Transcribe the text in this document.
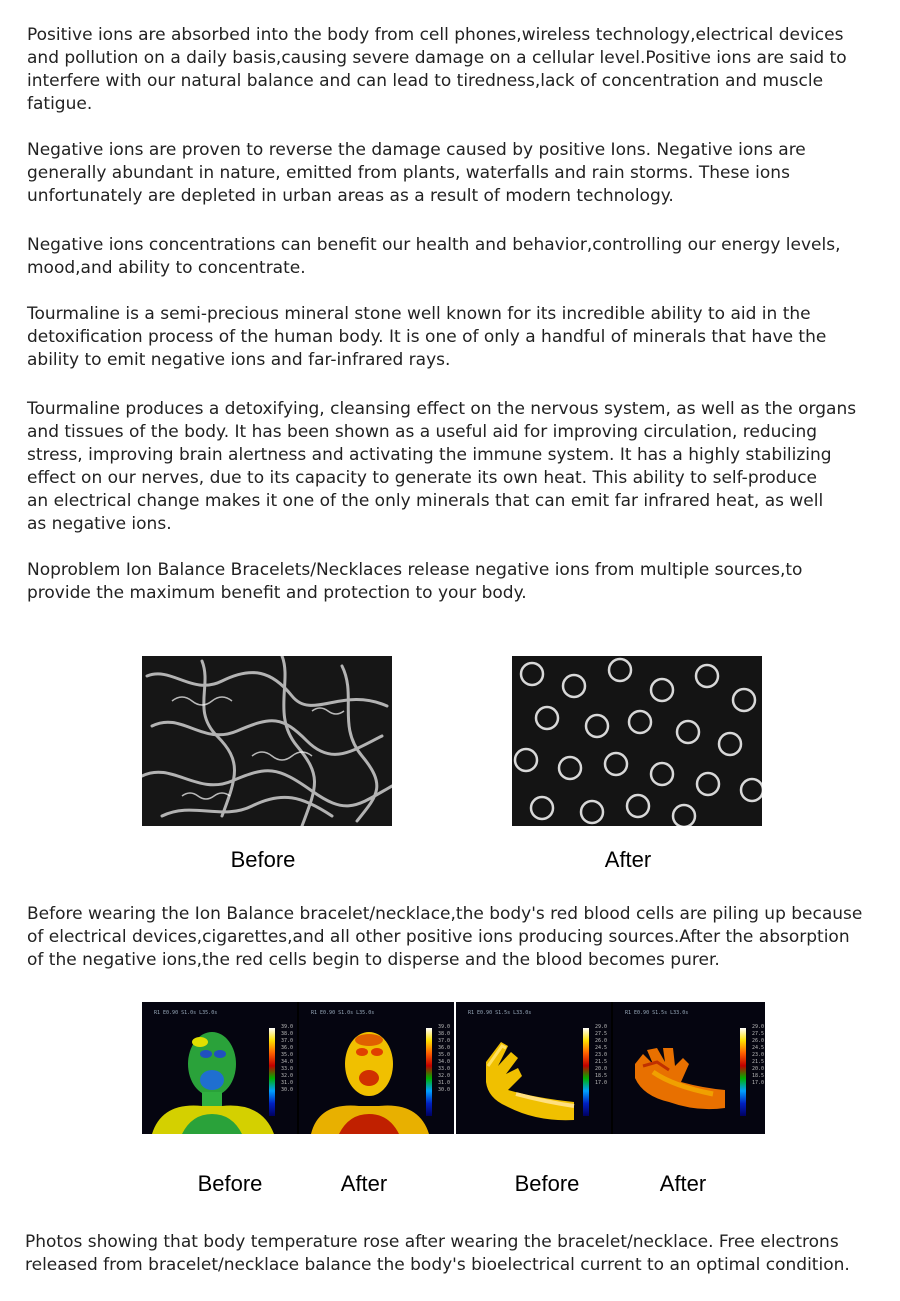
Positive ions are absorbed into the body from cell phones,wireless technology,electrical devices
and pollution on a daily basis,causing severe damage on a cellular level.Positive ions are said to
interfere with our natural balance and can lead to tiredness,lack of concentration and muscle
fatigue.

Negative ions are proven to reverse the damage caused by positive Ions. Negative ions are
generally abundant in nature, emitted from plants, waterfalls and rain storms. These ions
unfortunately are depleted in urban areas as a result of modern technology.

Negative ions concentrations can benefit our health and behavior,controlling our energy levels,
mood,and ability to concentrate.

Tourmaline is a semi-precious mineral stone well known for its incredible ability to aid in the
detoxification process of the human body. It is one of only a handful of minerals that have the
ability to emit negative ions and far-infrared rays.

Tourmaline produces a detoxifying, cleansing effect on the nervous system, as well as the organs
and tissues of the body. It has been shown as a useful aid for improving circulation, reducing
stress, improving brain alertness and activating the immune system. It has a highly stabilizing
effect on our nerves, due to its capacity to generate its own heat. This ability to self-produce
an electrical change makes it one of the only minerals that can emit far infrared heat, as well
as negative ions.

Noproblem Ion Balance Bracelets/Necklaces release negative ions from multiple sources,to
provide the maximum benefit and protection to your body.

Before	After

Before wearing the Ion Balance bracelet/necklace,the body's red blood cells are piling up because
of electrical devices,cigarettes,and all other positive ions producing sources.After the absorption
of the negative ions,the red cells begin to disperse and the blood becomes purer.

R1 E0.90 S1.0s L35.0s
39.0
38.0
37.0
36.0
35.0
34.0
33.0
32.0
31.0
30.0
R1 E0.90 S1.0s L35.0s
39.0
38.0
37.0
36.0
35.0
34.0
33.0
32.0
31.0
30.0
R1 E0.90 S1.5s L33.0s
29.0
27.5
26.0
24.5
23.0
21.5
20.0
18.5
17.0
R1 E0.90 S1.5s L33.0s
29.0
27.5
26.0
24.5
23.0
21.5
20.0
18.5
17.0
Before	After	Before	After

Photos showing that body temperature rose after wearing the bracelet/necklace. Free electrons
released from bracelet/necklace balance the body's bioelectrical current to an optimal condition.
